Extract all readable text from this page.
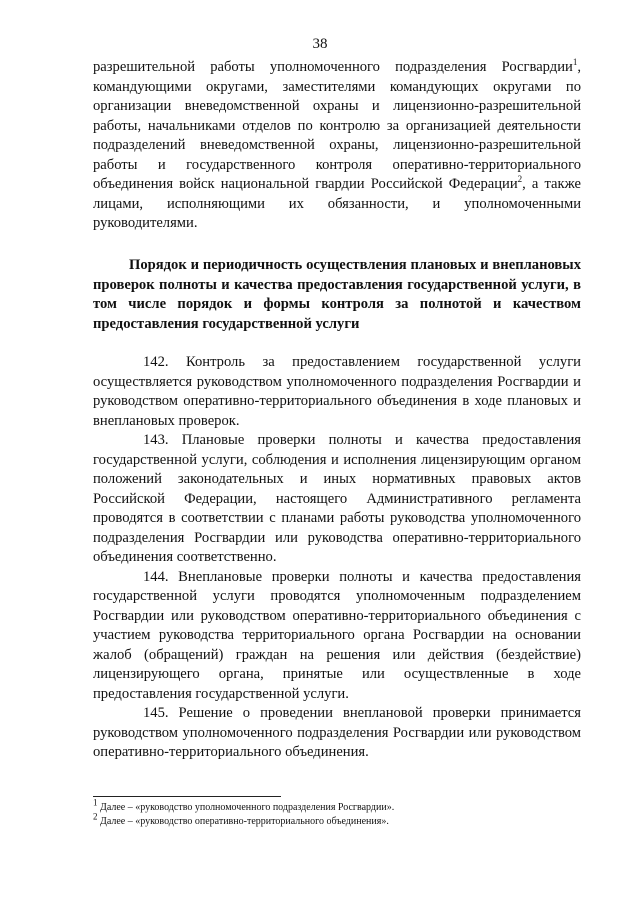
38
разрешительной работы уполномоченного подразделения Росгвардии$^1$, командующими округами, заместителями командующих округами по организации вневедомственной охраны и лицензионно-разрешительной работы, начальниками отделов по контролю за организацией деятельности подразделений вневедомственной охраны, лицензионно-разрешительной работы и государственного контроля оперативно-территориального объединения войск национальной гвардии Российской Федерации$^2$, а также лицами, исполняющими их обязанности, и уполномоченными руководителями.
Порядок и периодичность осуществления плановых и внеплановых проверок полноты и качества предоставления государственной услуги, в том числе порядок и формы контроля за полнотой и качеством предоставления государственной услуги

142. Контроль за предоставлением государственной услуги осуществляется руководством уполномоченного подразделения Росгвардии и руководством оперативно-территориального объединения в ходе плановых и внеплановых проверок.

143. Плановые проверки полноты и качества предоставления государственной услуги, соблюдения и исполнения лицензирующим органом положений законодательных и иных нормативных правовых актов Российской Федерации, настоящего Административного регламента проводятся в соответствии с планами работы руководства уполномоченного подразделения Росгвардии или руководства оперативно-территориального объединения соответственно.

144. Внеплановые проверки полноты и качества предоставления государственной услуги проводятся уполномоченным подразделением Росгвардии или руководством оперативно-территориального объединения с участием руководства территориального органа Росгвардии на основании жалоб (обращений) граждан на решения или действия (бездействие) лицензирующего органа, принятые или осуществленные в ходе предоставления государственной услуги.

145. Решение о проведении внеплановой проверки принимается руководством уполномоченного подразделения Росгвардии или руководством оперативно-территориального объединения.

$^1$ Далее – «руководство уполномоченного подразделения Росгвардии».
$^2$ Далее – «руководство оперативно-территориального объединения».
